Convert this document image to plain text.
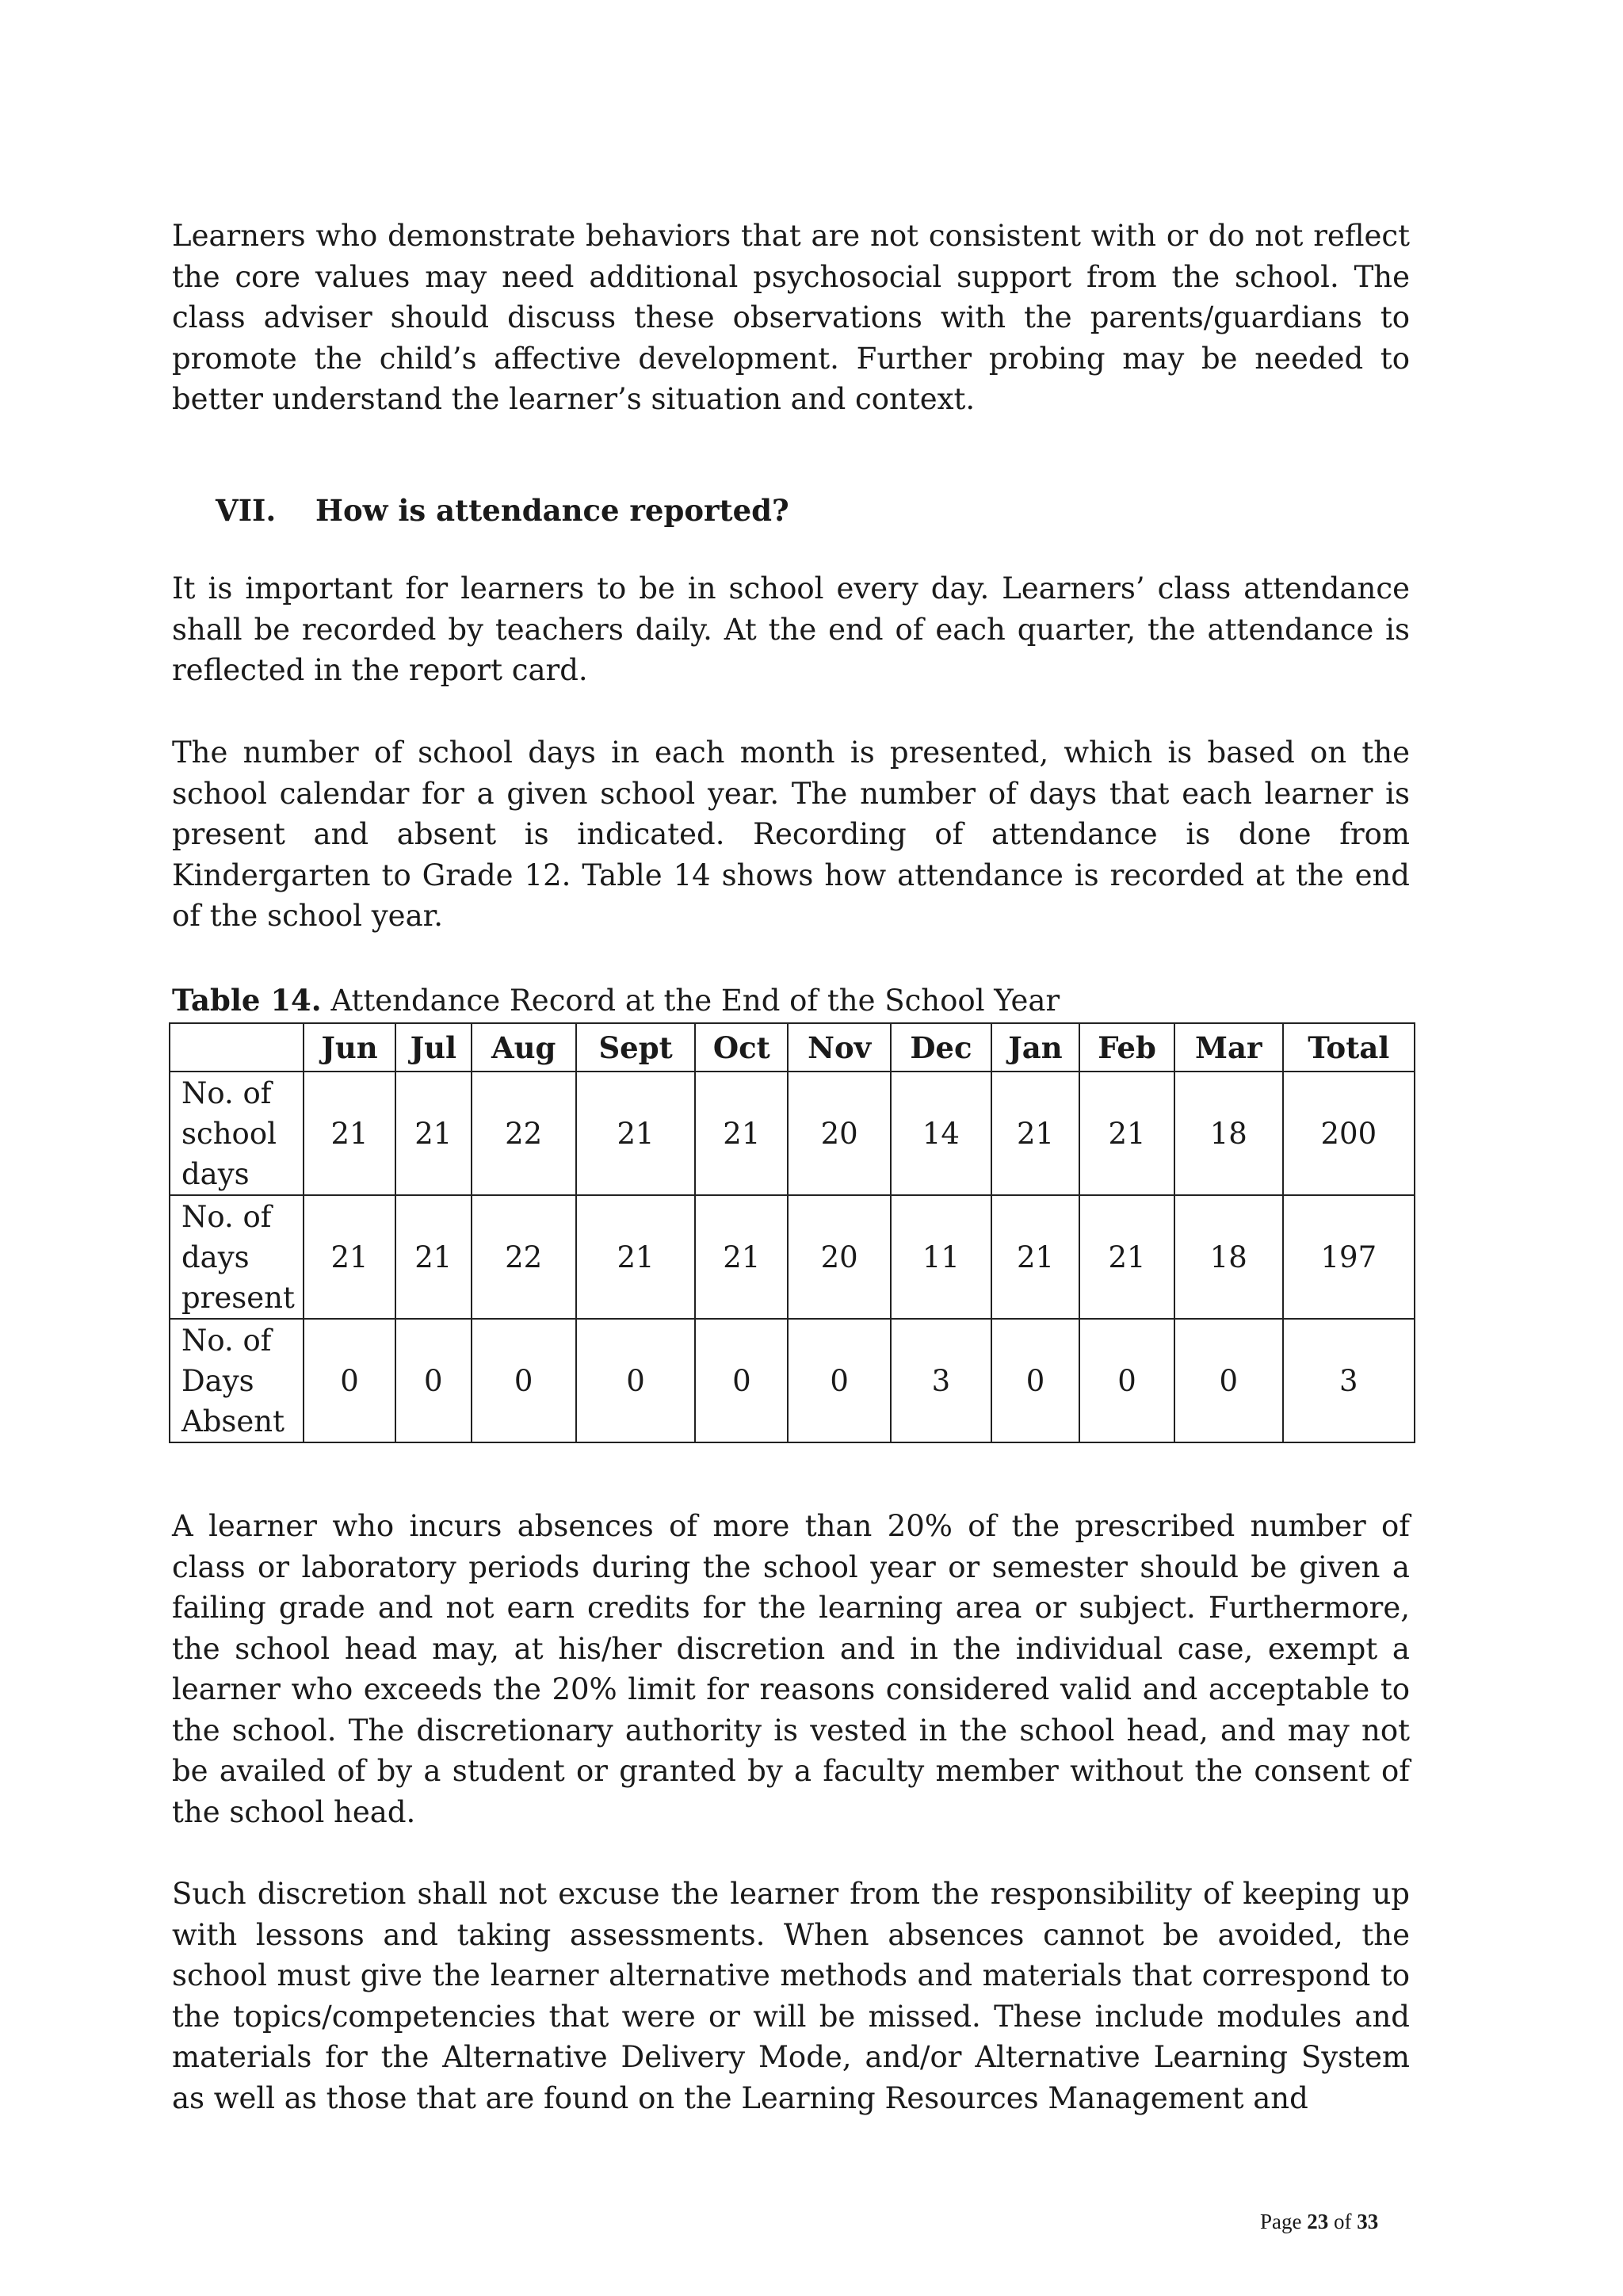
Learners who demonstrate behaviors that are not consistent with or do not reflect the core values may need additional psychosocial support from the school. The class adviser should discuss these observations with the parents/guardians to promote the child’s affective development. Further probing may be needed to better understand the learner’s situation and context.

VII. How is attendance reported?

It is important for learners to be in school every day. Learners’ class attendance shall be recorded by teachers daily. At the end of each quarter, the attendance is reflected in the report card.

The number of school days in each month is presented, which is based on the school calendar for a given school year. The number of days that each learner is present and absent is indicated. Recording of attendance is done from Kindergarten to Grade 12. Table 14 shows how attendance is recorded at the end of the school year.

Table 14. Attendance Record at the End of the School Year
	Jun	Jul	Aug	Sept	Oct	Nov	Dec	Jan	Feb	Mar	Total

No. of
school
days	21	21	22	21	21	20	14	21	21	18	200

No. of
days
present	21	21	22	21	21	20	11	21	21	18	197

No. of
Days
Absent	0	0	0	0	0	0	3	0	0	0	3

A learner who incurs absences of more than 20% of the prescribed number of class or laboratory periods during the school year or semester should be given a failing grade and not earn credits for the learning area or subject. Furthermore, the school head may, at his/her discretion and in the individual case, exempt a learner who exceeds the 20% limit for reasons considered valid and acceptable to the school. The discretionary authority is vested in the school head, and may not be availed of by a student or granted by a faculty member without the consent of the school head.

Such discretion shall not excuse the learner from the responsibility of keeping up with lessons and taking assessments. When absences cannot be avoided, the school must give the learner alternative methods and materials that correspond to the topics/competencies that were or will be missed. These include modules and materials for the Alternative Delivery Mode, and/or Alternative Learning System as well as those that are found on the Learning Resources Management and

Page 23 of 33
